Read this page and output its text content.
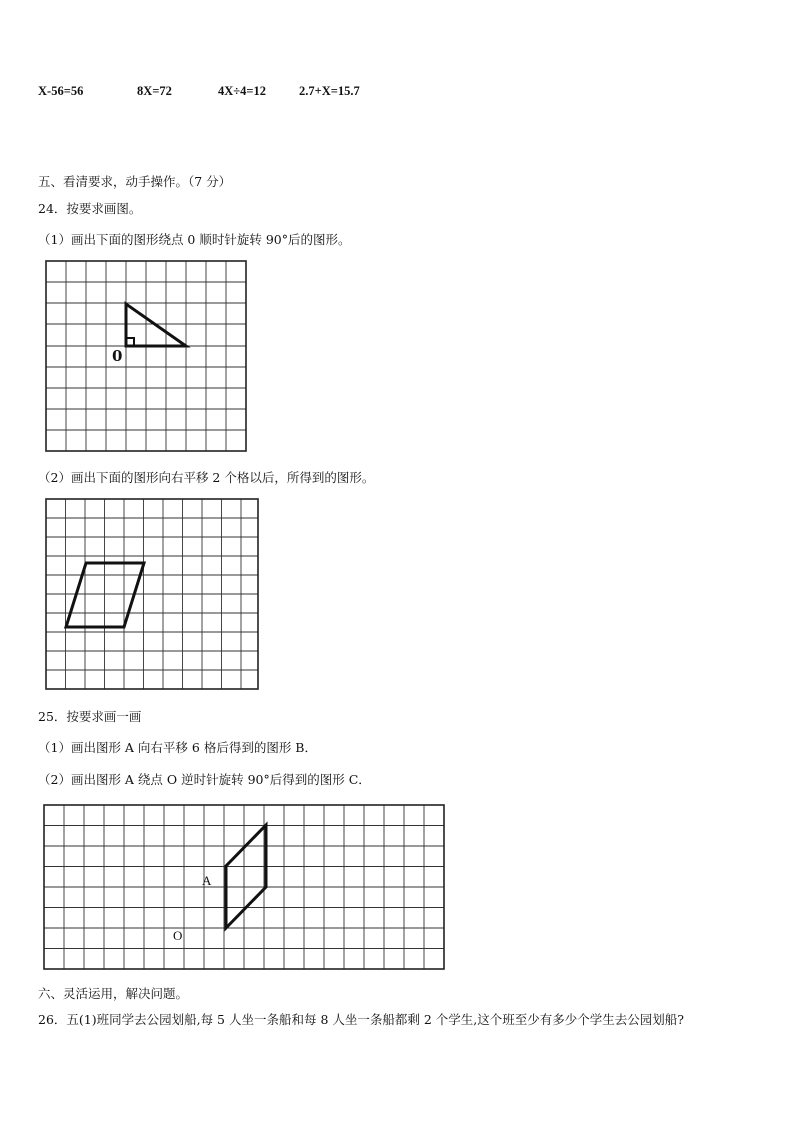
X-56=56	8X=72	4X÷4=12	2.7+X=15.7
五、看清要求，动手操作。（7 分）
24．按要求画图。
（1）画出下面的图形绕点 0 顺时针旋转 90°后的图形。
0
（2）画出下面的图形向右平移 2 个格以后，所得到的图形。
25．按要求画一画
（1）画出图形 A 向右平移 6 格后得到的图形 B．
（2）画出图形 A 绕点 O 逆时针旋转 90°后得到的图形 C．
A
O
六、灵活运用，解决问题。
26．五(1)班同学去公园划船,每 5 人坐一条船和每 8 人坐一条船都剩 2 个学生,这个班至少有多少个学生去公园划船?
